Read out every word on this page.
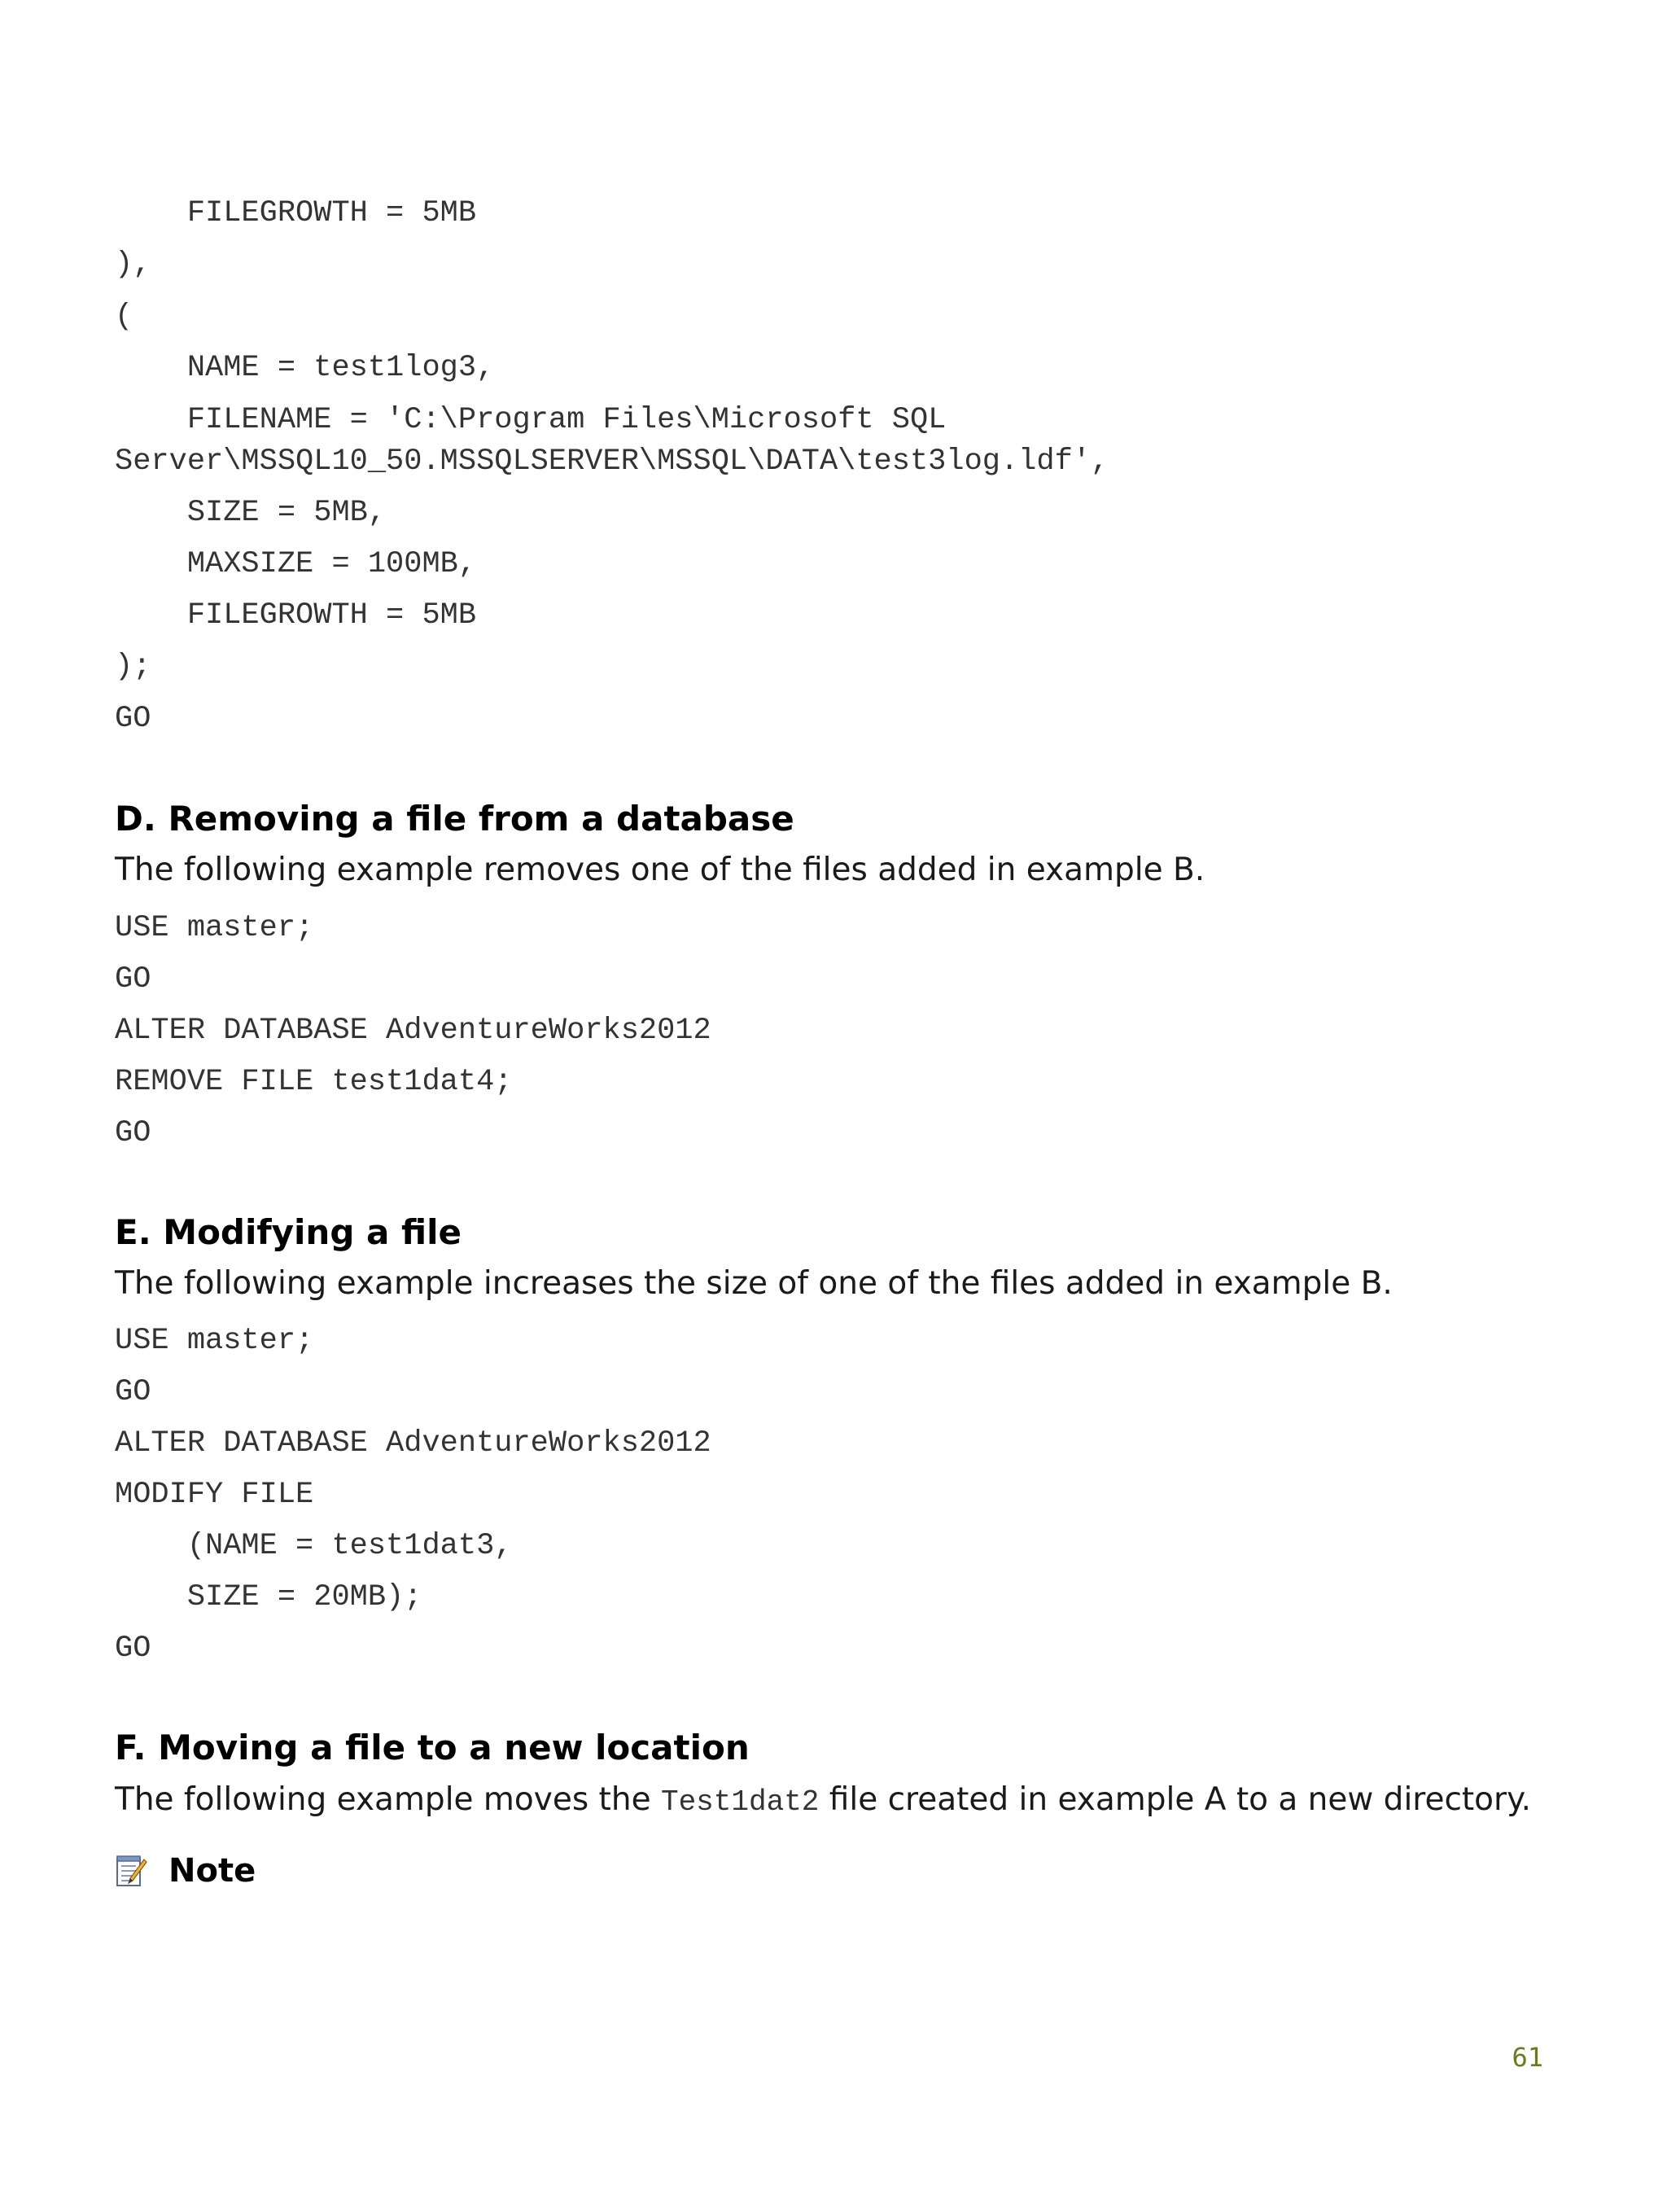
FILEGROWTH = 5MB
),
(
NAME = test1log3,
FILENAME = 'C:\Program Files\Microsoft SQL
Server\MSSQL10_50.MSSQLSERVER\MSSQL\DATA\test3log.ldf',
SIZE = 5MB,
MAXSIZE = 100MB,
FILEGROWTH = 5MB
);
GO
D. Removing a file from a database

The following example removes one of the files added in example B.

USE master;
GO
ALTER DATABASE AdventureWorks2012
REMOVE FILE test1dat4;
GO
E. Modifying a file

The following example increases the size of one of the files added in example B.

USE master;
GO
ALTER DATABASE AdventureWorks2012
MODIFY FILE
(NAME = test1dat3,
SIZE = 20MB);
GO
F. Moving a file to a new location

The following example moves the Test1dat2 file created in example A to a new directory.

Note
61
